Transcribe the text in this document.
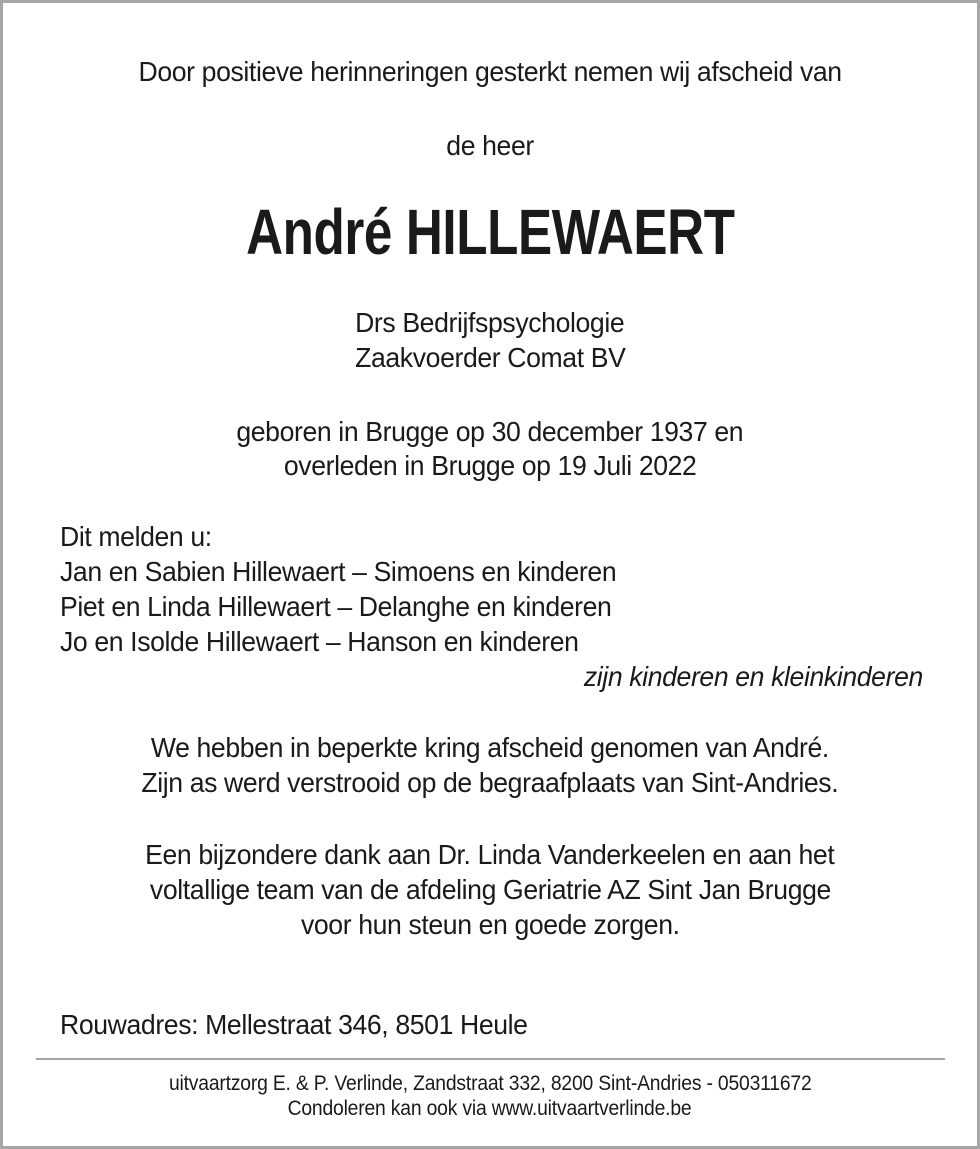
Door positieve herinneringen gesterkt nemen wij afscheid van
de heer
André HILLEWAERT
Drs Bedrijfspsychologie
Zaakvoerder Comat BV
geboren in Brugge op 30 december 1937 en
overleden in Brugge op 19 Juli 2022
Dit melden u:
Jan en Sabien Hillewaert – Simoens en kinderen
Piet en Linda Hillewaert – Delanghe en kinderen
Jo en Isolde Hillewaert – Hanson en kinderen
zijn kinderen en kleinkinderen
We hebben in beperkte kring afscheid genomen van André.
Zijn as werd verstrooid op de begraafplaats van Sint-Andries.
Een bijzondere dank aan Dr. Linda Vanderkeelen en aan het
voltallige team van de afdeling Geriatrie AZ Sint Jan Brugge
voor hun steun en goede zorgen.
Rouwadres: Mellestraat 346, 8501 Heule
uitvaartzorg E. & P. Verlinde, Zandstraat 332, 8200 Sint-Andries - 050311672
Condoleren kan ook via www.uitvaartverlinde.be
